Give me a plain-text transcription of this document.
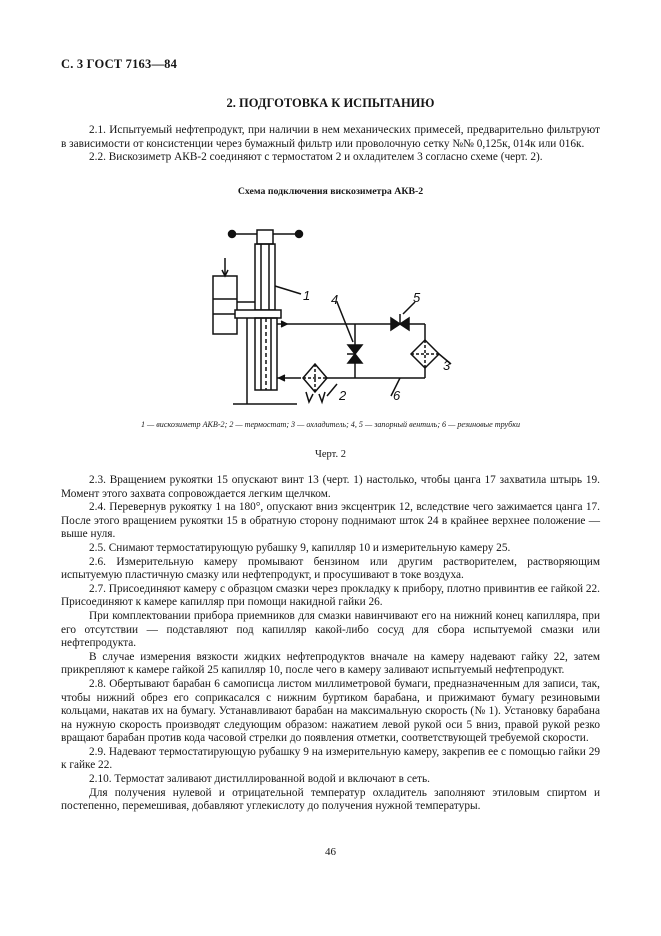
С. 3 ГОСТ 7163—84
2. ПОДГОТОВКА К ИСПЫТАНИЮ

2.1. Испытуемый нефтепродукт, при наличии в нем механических примесей, предварительно фильтруют в зависимости от консистенции через бумажный фильтр или проволочную сетку №№ 0,125к, 014к или 016к.

2.2. Вискозиметр АКВ-2 соединяют с термостатом 2 и охладителем 3 согласно схеме (черт. 2).

Схема подключения вискозиметра АКВ-2
1 4	5
3
2	6
1 — вискозиметр АКВ-2; 2 — термостат; 3 — охладитель; 4, 5 — запорный вентиль; 6 — резиновые трубки
Черт. 2

2.3. Вращением рукоятки 15 опускают винт 13 (черт. 1) настолько, чтобы цанга 17 захватила штырь 19. Момент этого захвата сопровождается легким щелчком.

2.4. Перевернув рукоятку 1 на 180°, опускают вниз эксцентрик 12, вследствие чего зажимается цанга 17. После этого вращением рукоятки 15 в обратную сторону поднимают шток 24 в крайнее верхнее положение — выше нуля.

2.5. Снимают термостатирующую рубашку 9, капилляр 10 и измерительную камеру 25.

2.6. Измерительную камеру промывают бензином или другим растворителем, растворяющим испытуемую пластичную смазку или нефтепродукт, и просушивают в токе воздуха.

2.7. Присоединяют камеру с образцом смазки через прокладку к прибору, плотно привинтив ее гайкой 22. Присоединяют к камере капилляр при помощи накидной гайки 26.

При комплектовании прибора приемников для смазки навинчивают его на нижний конец капилляра, при его отсутствии — подставляют под капилляр какой-либо сосуд для сбора испытуемой смазки или нефтепродукта.

В случае измерения вязкости жидких нефтепродуктов вначале на камеру надевают гайку 22, затем прикрепляют к камере гайкой 25 капилляр 10, после чего в камеру заливают испытуемый нефтепродукт.

2.8. Обертывают барабан 6 самописца листом миллиметровой бумаги, предназначенным для записи, так, чтобы нижний обрез его соприкасался с нижним буртиком барабана, и прижимают бумагу резиновыми кольцами, накатав их на бумагу. Устанавливают барабан на максимальную скорость (№ 1). Установку барабана на нужную скорость производят следующим образом: нажатием левой рукой оси 5 вниз, правой рукой резко вращают барабан против кода часовой стрелки до появления отметки, соответствующей требуемой скорости.

2.9. Надевают термостатирующую рубашку 9 на измерительную камеру, закрепив ее с помощью гайки 29 к гайке 22.

2.10. Термостат заливают дистиллированной водой и включают в сеть.

Для получения нулевой и отрицательной температур охладитель заполняют этиловым спиртом и постепенно, перемешивая, добавляют углекислоту до получения нужной температуры.

46
